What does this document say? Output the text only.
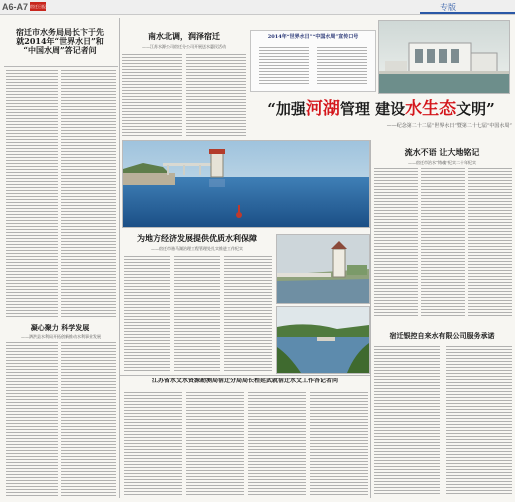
A6-A7 宿迁日报	专版
宿迁市水务局局长卞于先
就2014年“世界水日”和
“中国水周”答记者问
凝心聚力 科学发展
——泗洪县水利局开拓创新推动水利事业发展
南水北调，润泽宿迁
——江苏水源公司宿迁分公司开展送水惠民活动
2014年“世界水日”“中国水周”宣传口号
“加强河湖管理 建设水生态文明”
——纪念第二十二届“世界水日”暨第二十七届“中国水周”
流水不语 让大地铭记
——宿迁市治水“铸魂”纪实二十年纪实
为地方经济发展提供优质水利保障
——宿迁市骆马湖治理工程管理处扎实推进工作纪实
宿迁银控自来水有限公司服务承诺
江苏省水文水资源勘测局宿迁分局局长程延武就宿迁水文工作答记者问
